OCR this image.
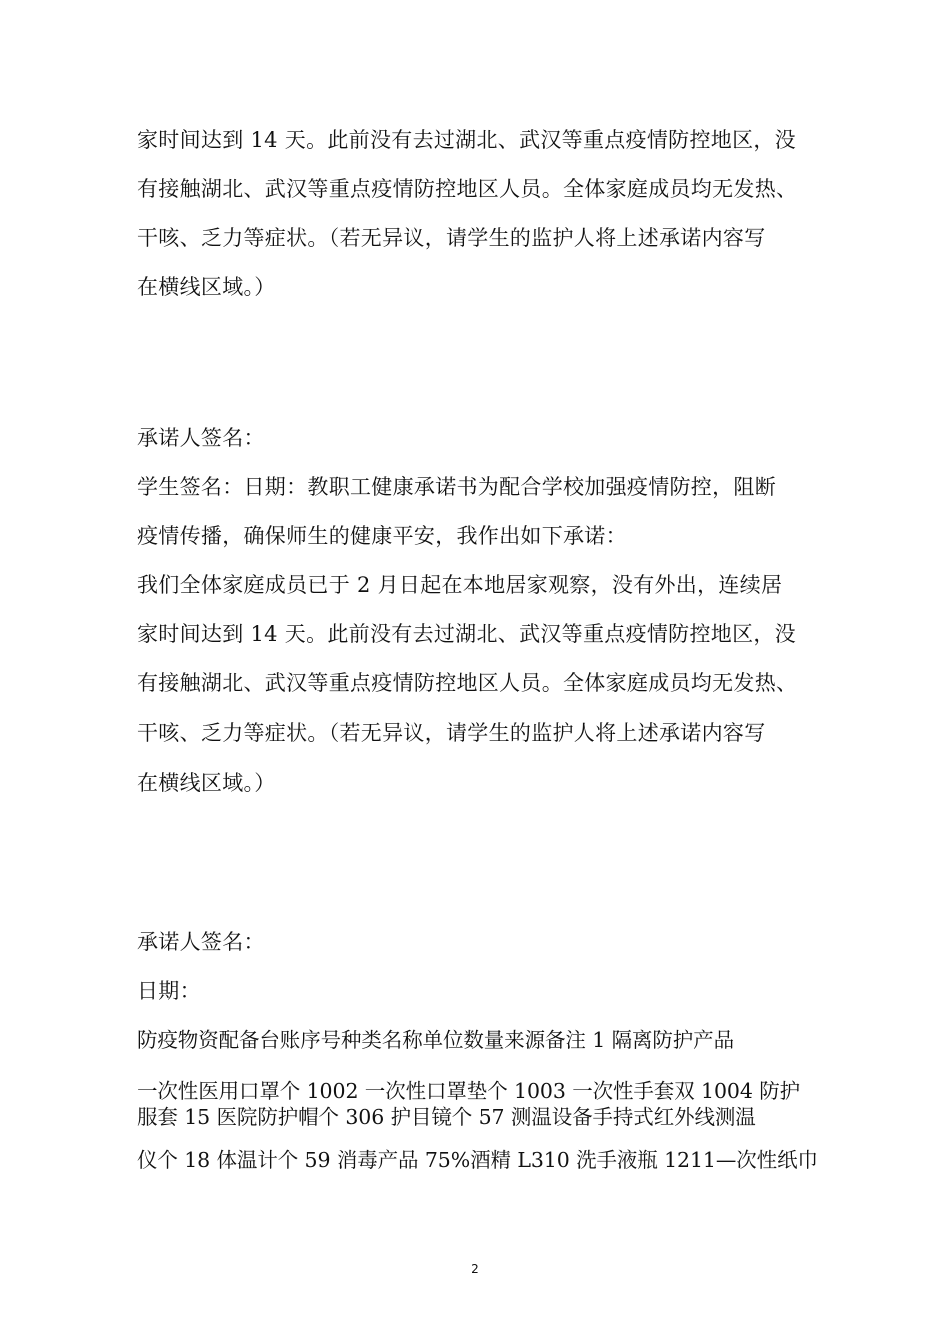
家时间达到 14 天。此前没有去过湖北、武汉等重点疫情防控地区，没
有接触湖北、武汉等重点疫情防控地区人员。全体家庭成员均无发热、
干咳、乏力等症状。（若无异议，请学生的监护人将上述承诺内容写
在横线区域。）
承诺人签名：
学生签名：日期：教职工健康承诺书为配合学校加强疫情防控，阻断
疫情传播，确保师生的健康平安，我作出如下承诺：
我们全体家庭成员已于 2 月日起在本地居家观察，没有外出，连续居
家时间达到 14 天。此前没有去过湖北、武汉等重点疫情防控地区，没
有接触湖北、武汉等重点疫情防控地区人员。全体家庭成员均无发热、
干咳、乏力等症状。（若无异议，请学生的监护人将上述承诺内容写
在横线区域。）
承诺人签名：
日期：
防疫物资配备台账序号种类名称单位数量来源备注 1 隔离防护产品
一次性医用口罩个 1002 一次性口罩垫个 1003 一次性手套双 1004 防护
服套 15 医院防护帽个 306 护目镜个 57 测温设备手持式红外线测温
仪个 18 体温计个 59 消毒产品 75%酒精 L310 洗手液瓶 1211—次性纸巾
2
